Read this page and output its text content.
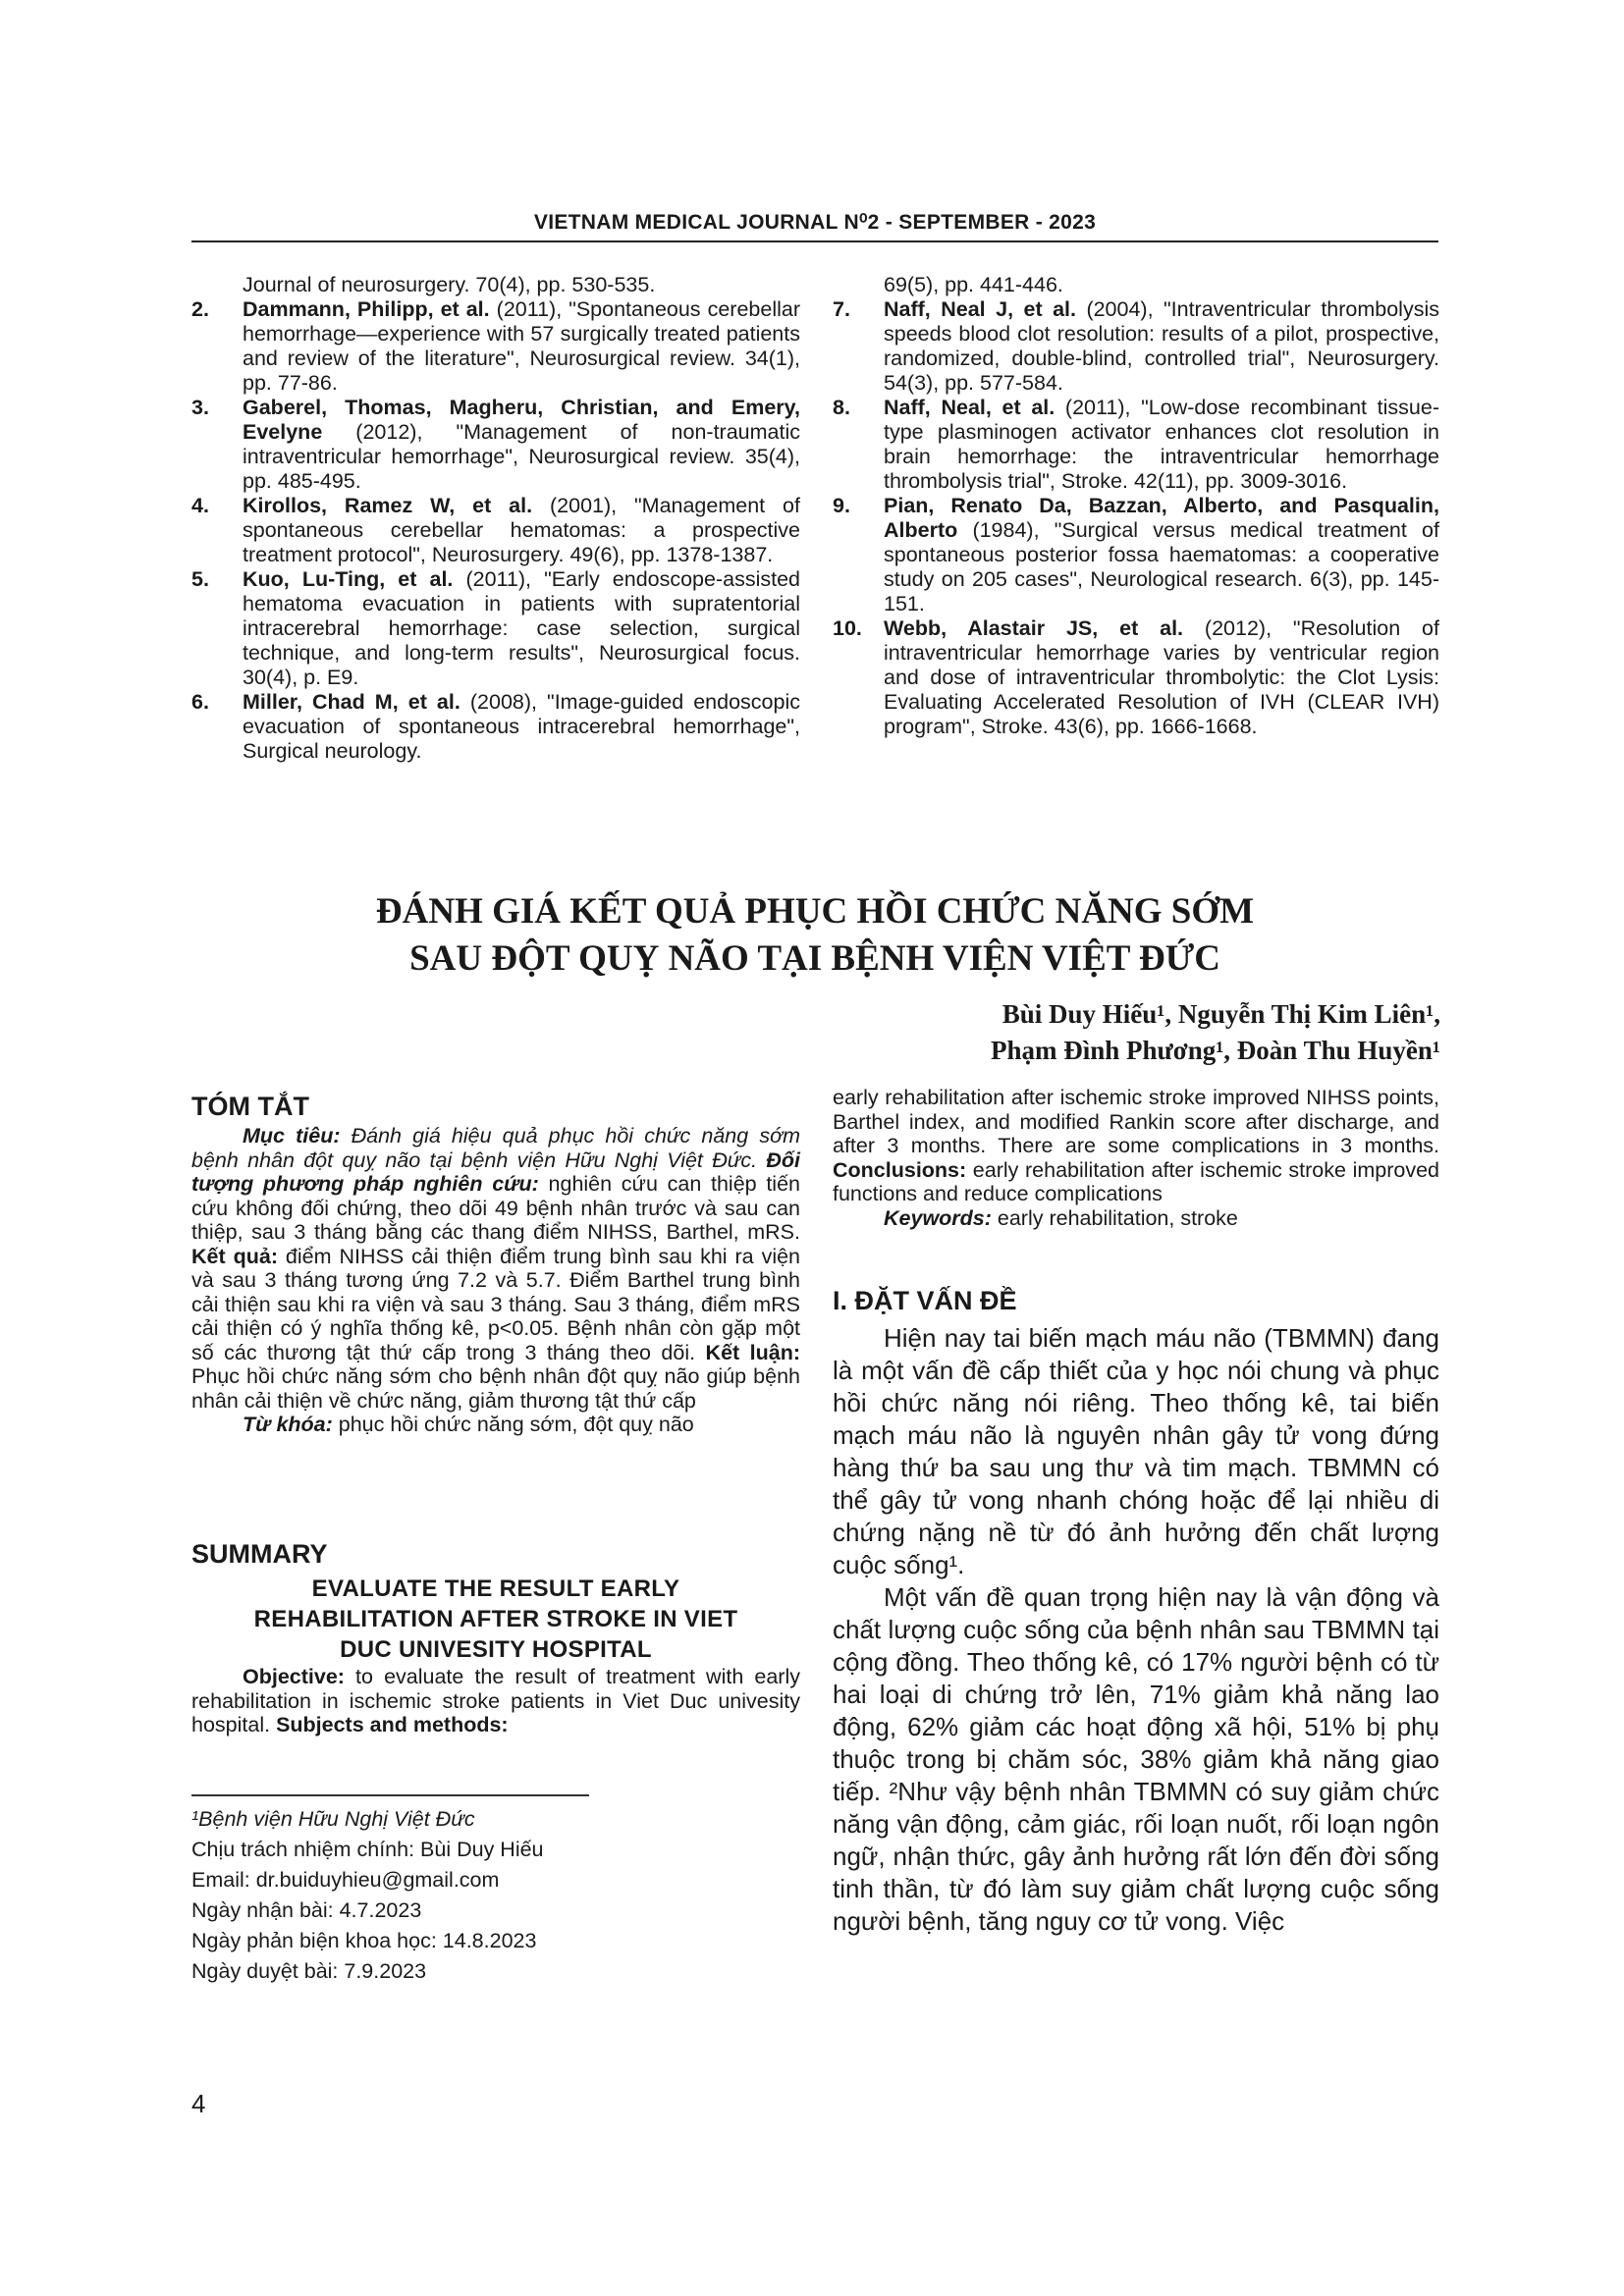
VIETNAM MEDICAL JOURNAL N⁰2 - SEPTEMBER - 2023
Journal of neurosurgery. 70(4), pp. 530-535.
2. Dammann, Philipp, et al. (2011), "Spontaneous cerebellar hemorrhage—experience with 57 surgically treated patients and review of the literature", Neurosurgical review. 34(1), pp. 77-86.
3. Gaberel, Thomas, Magheru, Christian, and Emery, Evelyne (2012), "Management of non-traumatic intraventricular hemorrhage", Neurosurgical review. 35(4), pp. 485-495.
4. Kirollos, Ramez W, et al. (2001), "Management of spontaneous cerebellar hematomas: a prospective treatment protocol", Neurosurgery. 49(6), pp. 1378-1387.
5. Kuo, Lu-Ting, et al. (2011), "Early endoscope-assisted hematoma evacuation in patients with supratentorial intracerebral hemorrhage: case selection, surgical technique, and long-term results", Neurosurgical focus. 30(4), p. E9.
6. Miller, Chad M, et al. (2008), "Image-guided endoscopic evacuation of spontaneous intracerebral hemorrhage", Surgical neurology.
69(5), pp. 441-446.
7. Naff, Neal J, et al. (2004), "Intraventricular thrombolysis speeds blood clot resolution: results of a pilot, prospective, randomized, double-blind, controlled trial", Neurosurgery. 54(3), pp. 577-584.
8. Naff, Neal, et al. (2011), "Low-dose recombinant tissue-type plasminogen activator enhances clot resolution in brain hemorrhage: the intraventricular hemorrhage thrombolysis trial", Stroke. 42(11), pp. 3009-3016.
9. Pian, Renato Da, Bazzan, Alberto, and Pasqualin, Alberto (1984), "Surgical versus medical treatment of spontaneous posterior fossa haematomas: a cooperative study on 205 cases", Neurological research. 6(3), pp. 145-151.
10. Webb, Alastair JS, et al. (2012), "Resolution of intraventricular hemorrhage varies by ventricular region and dose of intraventricular thrombolytic: the Clot Lysis: Evaluating Accelerated Resolution of IVH (CLEAR IVH) program", Stroke. 43(6), pp. 1666-1668.
ĐÁNH GIÁ KẾT QUẢ PHỤC HỒI CHỨC NĂNG SỚM
SAU ĐỘT QUỴ NÃO TẠI BỆNH VIỆN VIỆT ĐỨC
Bùi Duy Hiếu¹, Nguyễn Thị Kim Liên¹,
Phạm Đình Phương¹, Đoàn Thu Huyền¹
TÓM TẮT

Mục tiêu: Đánh giá hiệu quả phục hồi chức năng sớm bệnh nhân đột quỵ não tại bệnh viện Hữu Nghị Việt Đức. Đối tượng phương pháp nghiên cứu: nghiên cứu can thiệp tiến cứu không đối chứng, theo dõi 49 bệnh nhân trước và sau can thiệp, sau 3 tháng bằng các thang điểm NIHSS, Barthel, mRS. Kết quả: điểm NIHSS cải thiện điểm trung bình sau khi ra viện và sau 3 tháng tương ứng 7.2 và 5.7. Điểm Barthel trung bình cải thiện sau khi ra viện và sau 3 tháng. Sau 3 tháng, điểm mRS cải thiện có ý nghĩa thống kê, p<0.05. Bệnh nhân còn gặp một số các thương tật thứ cấp trong 3 tháng theo dõi. Kết luận: Phục hồi chức năng sớm cho bệnh nhân đột quỵ não giúp bệnh nhân cải thiện về chức năng, giảm thương tật thứ cấp

Từ khóa: phục hồi chức năng sớm, đột quỵ não

SUMMARY
EVALUATE THE RESULT EARLY
REHABILITATION AFTER STROKE IN VIET
DUC UNIVESITY HOSPITAL

Objective: to evaluate the result of treatment with early rehabilitation in ischemic stroke patients in Viet Duc univesity hospital. Subjects and methods:

¹Bệnh viện Hữu Nghị Việt Đức
Chịu trách nhiệm chính: Bùi Duy Hiếu
Email: dr.buiduyhieu@gmail.com
Ngày nhận bài: 4.7.2023
Ngày phản biện khoa học: 14.8.2023
Ngày duyệt bài: 7.9.2023
4

early rehabilitation after ischemic stroke improved NIHSS points, Barthel index, and modified Rankin score after discharge, and after 3 months. There are some complications in 3 months. Conclusions: early rehabilitation after ischemic stroke improved functions and reduce complications

Keywords: early rehabilitation, stroke

I. ĐẶT VẤN ĐỀ

Hiện nay tai biến mạch máu não (TBMMN) đang là một vấn đề cấp thiết của y học nói chung và phục hồi chức năng nói riêng. Theo thống kê, tai biến mạch máu não là nguyên nhân gây tử vong đứng hàng thứ ba sau ung thư và tim mạch. TBMMN có thể gây tử vong nhanh chóng hoặc để lại nhiều di chứng nặng nề từ đó ảnh hưởng đến chất lượng cuộc sống¹.

Một vấn đề quan trọng hiện nay là vận động và chất lượng cuộc sống của bệnh nhân sau TBMMN tại cộng đồng. Theo thống kê, có 17% người bệnh có từ hai loại di chứng trở lên, 71% giảm khả năng lao động, 62% giảm các hoạt động xã hội, 51% bị phụ thuộc trong bị chăm sóc, 38% giảm khả năng giao tiếp. ²Như vậy bệnh nhân TBMMN có suy giảm chức năng vận động, cảm giác, rối loạn nuốt, rối loạn ngôn ngữ, nhận thức, gây ảnh hưởng rất lớn đến đời sống tinh thần, từ đó làm suy giảm chất lượng cuộc sống người bệnh, tăng nguy cơ tử vong. Việc
